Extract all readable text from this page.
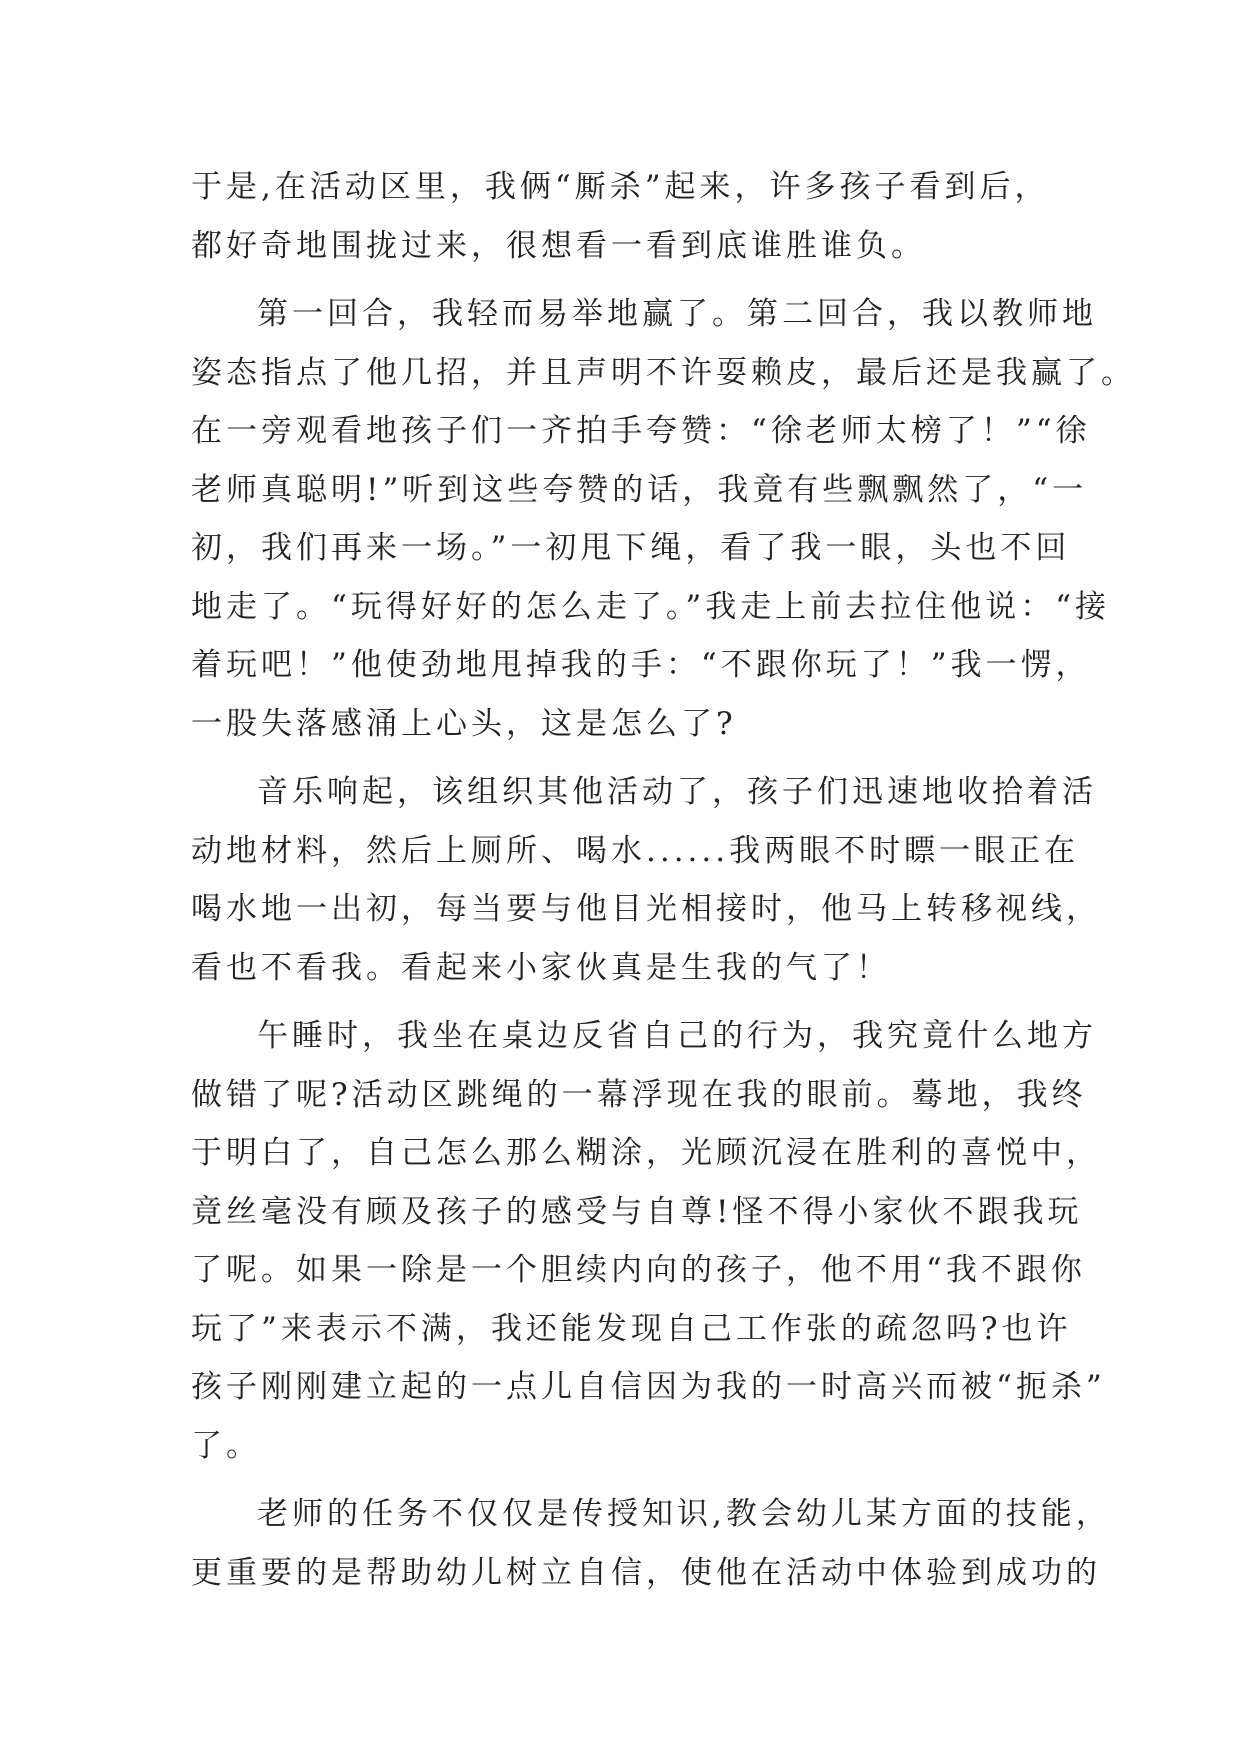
于是,在活动区里，我俩“厮杀”起来，许多孩子看到后，
都好奇地围拢过来，很想看一看到底谁胜谁负。
第一回合，我轻而易举地赢了。第二回合，我以教师地
姿态指点了他几招，并且声明不许耍赖皮，最后还是我赢了。
在一旁观看地孩子们一齐拍手夸赞：“徐老师太榜了！”“徐
老师真聪明!”听到这些夸赞的话，我竟有些飘飘然了，“一
初，我们再来一场。”一初甩下绳，看了我一眼，头也不回
地走了。“玩得好好的怎么走了。”我走上前去拉住他说：“接
着玩吧！”他使劲地甩掉我的手：“不跟你玩了！”我一愣，
一股失落感涌上心头，这是怎么了?
音乐响起，该组织其他活动了，孩子们迅速地收拾着活
动地材料，然后上厕所、喝水......我两眼不时瞟一眼正在
喝水地一出初，每当要与他目光相接时，他马上转移视线，
看也不看我。看起来小家伙真是生我的气了！
午睡时，我坐在桌边反省自己的行为，我究竟什么地方
做错了呢?活动区跳绳的一幕浮现在我的眼前。蓦地，我终
于明白了，自己怎么那么糊涂，光顾沉浸在胜利的喜悦中，
竟丝毫没有顾及孩子的感受与自尊!怪不得小家伙不跟我玩
了呢。如果一除是一个胆续内向的孩子，他不用“我不跟你
玩了”来表示不满，我还能发现自己工作张的疏忽吗?也许
孩子刚刚建立起的一点儿自信因为我的一时高兴而被“扼杀”
了。
老师的任务不仅仅是传授知识,教会幼儿某方面的技能，
更重要的是帮助幼儿树立自信，使他在活动中体验到成功的
